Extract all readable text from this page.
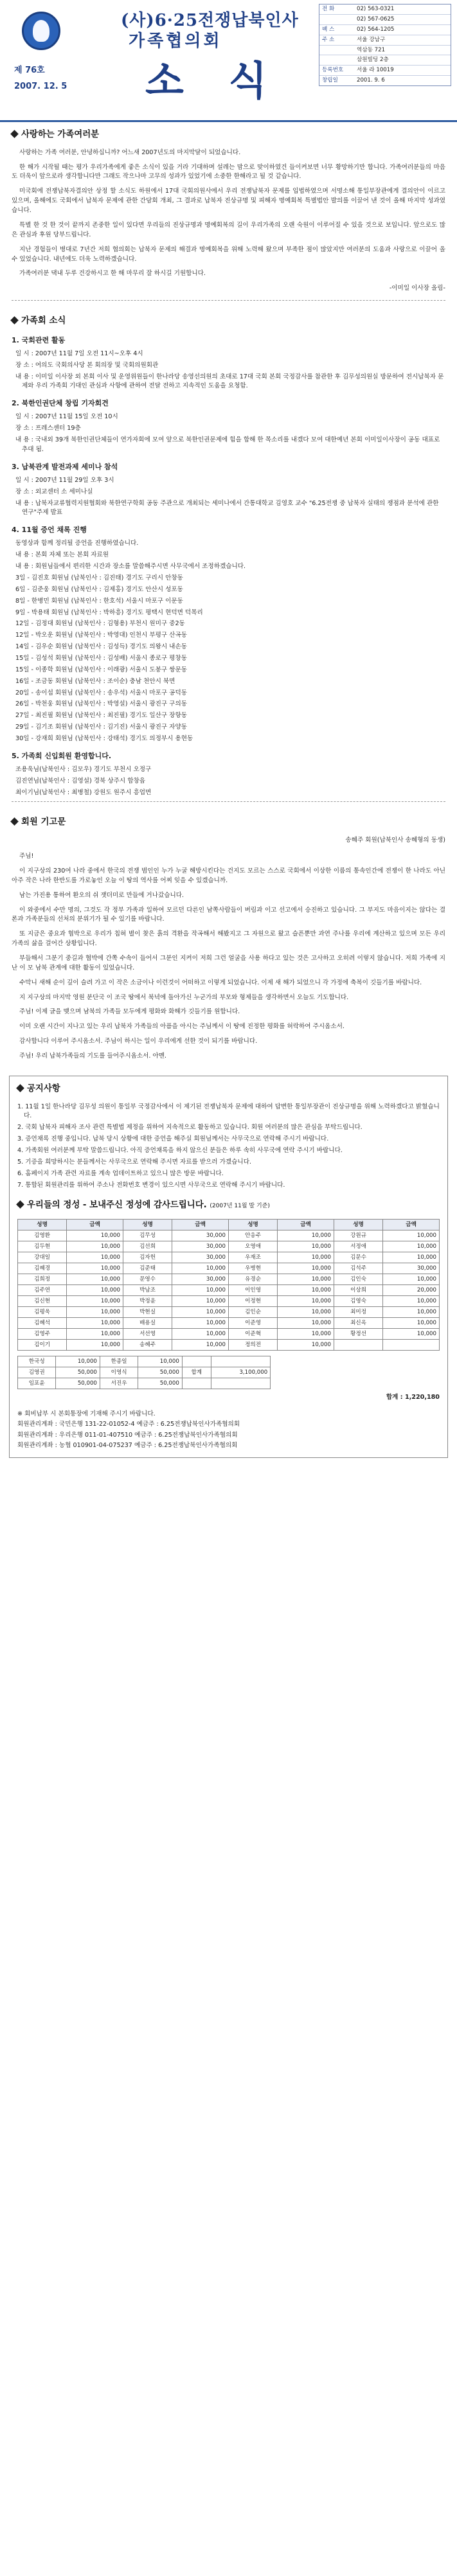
(사)6·25전쟁납북인사
가족협의회
소 식
제 76호
2007. 12. 5
전 화	02) 563-0321
02) 567-0625
팩 스	02) 564-1205
주 소	서울 강남구
역삼동 721
삼원빌딩 2층
등록번호	서울 라 10019
창립일	2001. 9. 6
사랑하는 가족여러분

사랑하는 가족 여러분, 안녕하십니까? 어느새 2007년도의 마지막달이 되었습니다.

한 해가 시작될 때는 평가 우리가족에게 좋은 소식이 있을 거라 기대하며 설레는 맘으로 맞이하였건 들이켜보면 너무 황망하기만 합니다. 가족여러분들의 마음도 더욱이 앞으로라 생각합니다만 그래도 작으나마 고무의 성과가 있었기에 소중한 한해라고 될 것 같습니다.

미국회에 전쟁납북자결의안 상정 할 소식도 하원에서 17대 국회의원사에서 우리 전쟁납북자 문제를 입법하였으며 서명소해 통일부장관에게 결의안이 이르고 있으며, 올해에도 국회에서 납북자 문제에 관한 간담회 개최, 그 결과로 납북자 진상규명 및 피해자 명예회복 특별법안 발의를 이끌어 낸 것이 올해 마지막 성과였습니다.

특별 한 것 한 것이 끝까지 존중한 일이 있다면 우리들의 진상규명과 명예회복의 길이 우리가족의 오랜 숙원이 이루어질 수 있을 것으로 보입니다. 앞으로도 많은 관심과 후원 당부드립니다.

지난 경험들이 병대로 7년간 저희 협의회는 납북자 문제의 해결과 명예회복을 위해 노력해 왔으며 부족한 점이 많았지만 여러분의 도움과 사랑으로 이끌어 올 수 있었습니다. 내년에도 더욱 노력하겠습니다.

가족여러분 댁내 두루 건강하시고 한 해 마무리 잘 하시길 기원합니다.

-이미일 이사장 올림-
가족회 소식
1. 국회관련 활동
일 시 : 2007년 11월 7일 오전 11시~오후 4시
장 소 : 여의도 국회의사당 본 회의장 및 국회의원회관
내 용 : 이미일 이사장 외 본회 이사 및 운영위원들이 한나라당 송영선의원의 초대로 17대 국회 본회 국정감사를 참관한 후 김무성의원실 방문하여 전시납북자 문제와 우리 가족회 기대인 관심과 사항에 관하여 전달 전하고 지속적인 도움을 요청함.
2. 북한인권단체 창립 기자회견
일 시 : 2007년 11월 15일 오전 10시
장 소 : 프레스센터 19층
내 용 : 국내외 39개 북한인권단체들이 연가자회에 모여 앞으로 북한인권문제에 힘을 합해 한 목소리를 내겠다 모여 대한예년 본회 이미일이사장이 공동 대표로 추대 됨.
3. 납북관계 발전과제 세미나 참석
일 시 : 2007년 11월 29일 오후 3시
장 소 : 외교센터 소 세미나실
내 용 : 납북자교류협력지원협회와 북한연구학회 공동 주관으로 개최되는 세미나에서 간통대학교 김영호 교수 "6.25전쟁 중 납북자 실태의 쟁점과 분석에 관한 연구"주제 발표
4. 11월 증언 채록 진행
동영상과 함께 정리될 증언을 진행하였습니다.
내 용 : 본회 자체 또는 본회 자료원
내 용 : 회원님들에서 편리한 시간과 장소를 말씀해주시면 사무국에서 조정하겠습니다.
3일 - 김진호 회원님 (납북인사 : 김진태) 경기도 구리시 안창동
6일 - 김준웅 회원님 (납북인사 : 김제홍) 경기도 안산시 성포동
8일 - 한병민 회원님 (납북인사 : 한호석) 서울시 마포구 이문동
9일 - 박용태 회원님 (납북인사 : 박하흥) 경기도 평택시 현덕면 덕목리
12일 - 김정대 회원님 (납북인사 : 김형용) 부천시 원미구 중2동
12일 - 박오운 회원님 (납북인사 : 박영대) 인천시 부평구 산곡동
14일 - 김우순 회원님 (납북인사 : 김성득) 경기도 의왕시 내손동
15일 - 김성석 회원님 (납북인사 : 김성배) 서울시 종로구 평창동
15일 - 이종학 회원님 (납북인사 : 이래광) 서울시 도봉구 쌍문동
16일 - 조금동 회원님 (납북인사 : 조이순) 충남 천안시 북면
20일 - 송이섭 회원님 (납북인사 : 송우석) 서울시 마포구 공덕동
26일 - 박천웅 회원님 (납북인사 : 박영설) 서울시 광진구 구의동
27일 - 최진필 회원님 (납북인사 : 최진필) 경기도 일산구 장항동
29일 - 김기조 회원님 (납북인사 : 김기진) 서울시 광진구 자양동
30일 - 강재희 회원님 (납북인사 : 강태석) 경기도 의정부시 용현동
5. 가족회 신입회원 환영합니다.
조용욱님(납북인사 : 김모우) 경기도 부천시 오정구
김진연님(납북인사 : 김영설) 경북 상주시 합창읍
최이기님(납북인사 : 최병철) 강원도 원주시 흥업면
회원 기고문
송혜주 회원(납북인사 송혜형의 동생)

주님!

이 지구상의 230여 나라 중에서 한국의 전쟁 범인인 누가 누굴 해방시킨다는 건지도 모르는 스스로 국회에서 이상한 이름의 통속인간에 전쟁이 한 나라도 아닌 아주 작은 나라 한반도를 가로놓인 오늘 이 땅의 역사를 어찌 잊을 수 있겠습니까.

남는 가진용 통하여 환오의 쉬 잿더미로 만들에 거나갔습니다.

이 와중에서 수만 명의, 그것도 각 정부 가족과 일하여 모르던 다른인 남쪽사람들이 버림과 이고 선고에서 승진하고 있습니다. 그 부지도 마음이지는 않다는 결론과 가족분들의 선처의 분위기가 될 수 있기를 바랍니다.

또 지금은 중요과 협박으로 우리가 칩혀 별이 찾은 흙의 격환을 작곡해서 해봤지고 그 자원으로 왔고 슬픈뿐만 과연 주나를 우리에 계산하고 있으며 모든 우리 가족의 삶을 걸어간 상황입니다.

부들해서 그분기 중길과 협박에 간쪽 수속이 들어서 그분인 지켜이 저희 그런 얼굴을 사용 하다고 있는 것은 고사하고 오히려 이렇지 않습니다. 저희 가족에 지난 이 모 남북 관계에 대한 활동이 있었습니다.

수막니 새해 순이 깊이 슬려 가고 이 작은 소금이나 이런것이 어떠하고 이렇게 되었습니다. 이제 새 해가 되었으니 각 가정에 축복이 깃들기를 바랍니다.

지 지구상의 마지막 영원 분단국 이 조국 땅에서 북녁에 돌아가신 누군가의 부모와 형제들을 생각하면서 오늘도 기도합니다.

주님! 이제 글을 맺으며 남북의 가족들 모두에게 평화와 화해가 깃들기를 원합니다.

이미 오랜 시간이 지나고 있는 우리 납북자 가족들의 아픔을 아시는 주님께서 이 땅에 진정한 평화를 허락하여 주시옵소서.

감사합니다 이루어 주시옵소서. 주님이 하시는 일이 우리에게 선한 것이 되기를 바랍니다.

주님! 우리 납북가족들의 기도를 들어주시옵소서. 아멘.

공지사항
1. 11월 1일 한나라당 김무성 의원이 통일부 국정감사에서 이 제기된 전쟁납북자 문제에 대하여 답변한 통일부장관이 진상규명을 위해 노력하겠다고 밝혔습니다.
2. 국회 납북자 피해자 조사 관련 특별법 제정을 위하여 지속적으로 활동하고 있습니다. 회원 여러분의 많은 관심을 부탁드립니다.
3. 증언채록 진행 중입니다. 납북 당시 상황에 대한 증언을 해주실 회원님께서는 사무국으로 연락해 주시기 바랍니다.
4. 가족회원 여러분께 부탁 말씀드립니다. 아직 증언채록을 하지 않으신 분들은 하루 속히 사무국에 연락 주시기 바랍니다.
5. 기증을 희망하시는 분들께서는 사무국으로 연락해 주시면 자료를 받으러 가겠습니다.
6. 홈페이지 가족 관련 자료를 계속 업데이트하고 있으니 많은 방문 바랍니다.
7. 통합된 회원관리를 위하여 주소나 전화번호 변경이 있으시면 사무국으로 연락해 주시기 바랍니다.
우리들의 정성 - 보내주신 정성에 감사드립니다. (2007년 11월 말 기준)
성명	금액	성명	금액	성명	금액	성명	금액
김영환	10,000	김무성	30,000	안응주	10,000	강원규	10,000
김두현	10,000	김선희	30,000	오영애	10,000	서정애	10,000
강대일	10,000	김자헌	30,000	우재조	10,000	김문수	10,000
김혜경	10,000	김준태	10,000	우병현	10,000	김석주	30,000
김희정	10,000	문영수	30,000	유경순	10,000	김인숙	10,000
김주연	10,000	박남조	10,000	이인영	10,000	이상희	20,000
김신현	10,000	박정윤	10,000	이정현	10,000	김영숙	10,000
김평욱	10,000	박현실	10,000	김인순	10,000	최미정	10,000
김혜석	10,000	배용실	10,000	이준영	10,000	최신옥	10,000
김영주	10,000	서선영	10,000	이준혁	10,000	황정선	10,000
김이기	10,000	송혜주	10,000	정의전	10,000		
한국성	10,000	한종일	10,000		
김영권	50,000	이영식	50,000	합계	3,100,000
임포윤	50,000	서진우	50,000		
합계 : 1,220,180
※ 회비납부 시 본회통장에 기재해 주시기 바랍니다.
회원관리계좌 : 국민은행 131-22-01052-4 예금주 : 6.25전쟁납북인사가족협의회
회원관리계좌 : 우리은행 011-01-407510 예금주 : 6.25전쟁납북인사가족협의회
회원관리계좌 : 농협 010901-04-075237 예금주 : 6.25전쟁납북인사가족협의회
